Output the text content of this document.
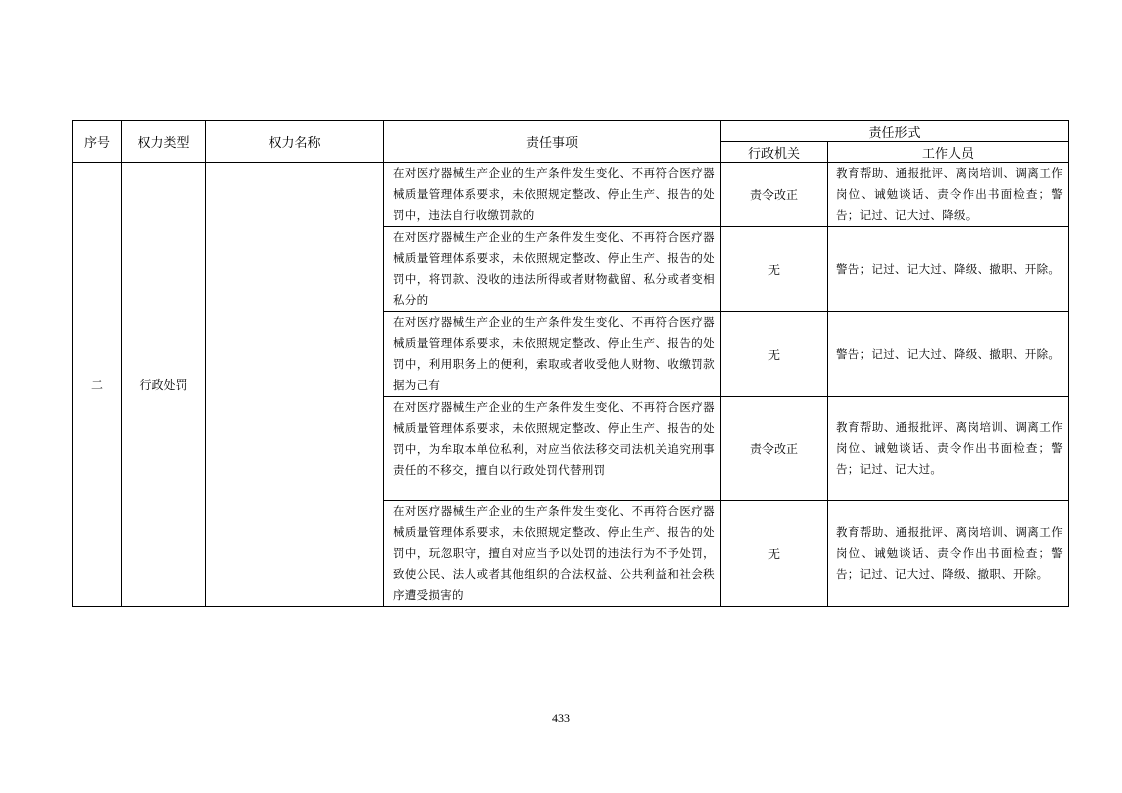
序号	权力类型	权力名称	责任事项	责任形式	
				行政机关	工作人员
二	行政处罚		在对医疗器械生产企业的生产条件发生变化、不再符合医疗器械质量管理体系要求，未依照规定整改、停止生产、报告的处罚中，违法自行收缴罚款的	责令改正	教育帮助、通报批评、离岗培训、调离工作岗位、诫勉谈话、责令作出书面检查；警告；记过、记大过、降级。
			在对医疗器械生产企业的生产条件发生变化、不再符合医疗器械质量管理体系要求，未依照规定整改、停止生产、报告的处罚中，将罚款、没收的违法所得或者财物截留、私分或者变相私分的	无	警告；记过、记大过、降级、撤职、开除。
			在对医疗器械生产企业的生产条件发生变化、不再符合医疗器械质量管理体系要求，未依照规定整改、停止生产、报告的处罚中，利用职务上的便利，索取或者收受他人财物、收缴罚款据为己有	无	警告；记过、记大过、降级、撤职、开除。
			在对医疗器械生产企业的生产条件发生变化、不再符合医疗器械质量管理体系要求，未依照规定整改、停止生产、报告的处罚中，为牟取本单位私利，对应当依法移交司法机关追究刑事责任的不移交，擅自以行政处罚代替刑罚	责令改正	教育帮助、通报批评、离岗培训、调离工作岗位、诫勉谈话、责令作出书面检查；警告；记过、记大过。
			在对医疗器械生产企业的生产条件发生变化、不再符合医疗器械质量管理体系要求，未依照规定整改、停止生产、报告的处罚中，玩忽职守，擅自对应当予以处罚的违法行为不予处罚，致使公民、法人或者其他组织的合法权益、公共利益和社会秩序遭受损害的	无	教育帮助、通报批评、离岗培训、调离工作岗位、诫勉谈话、责令作出书面检查；警告；记过、记大过、降级、撤职、开除。
433
